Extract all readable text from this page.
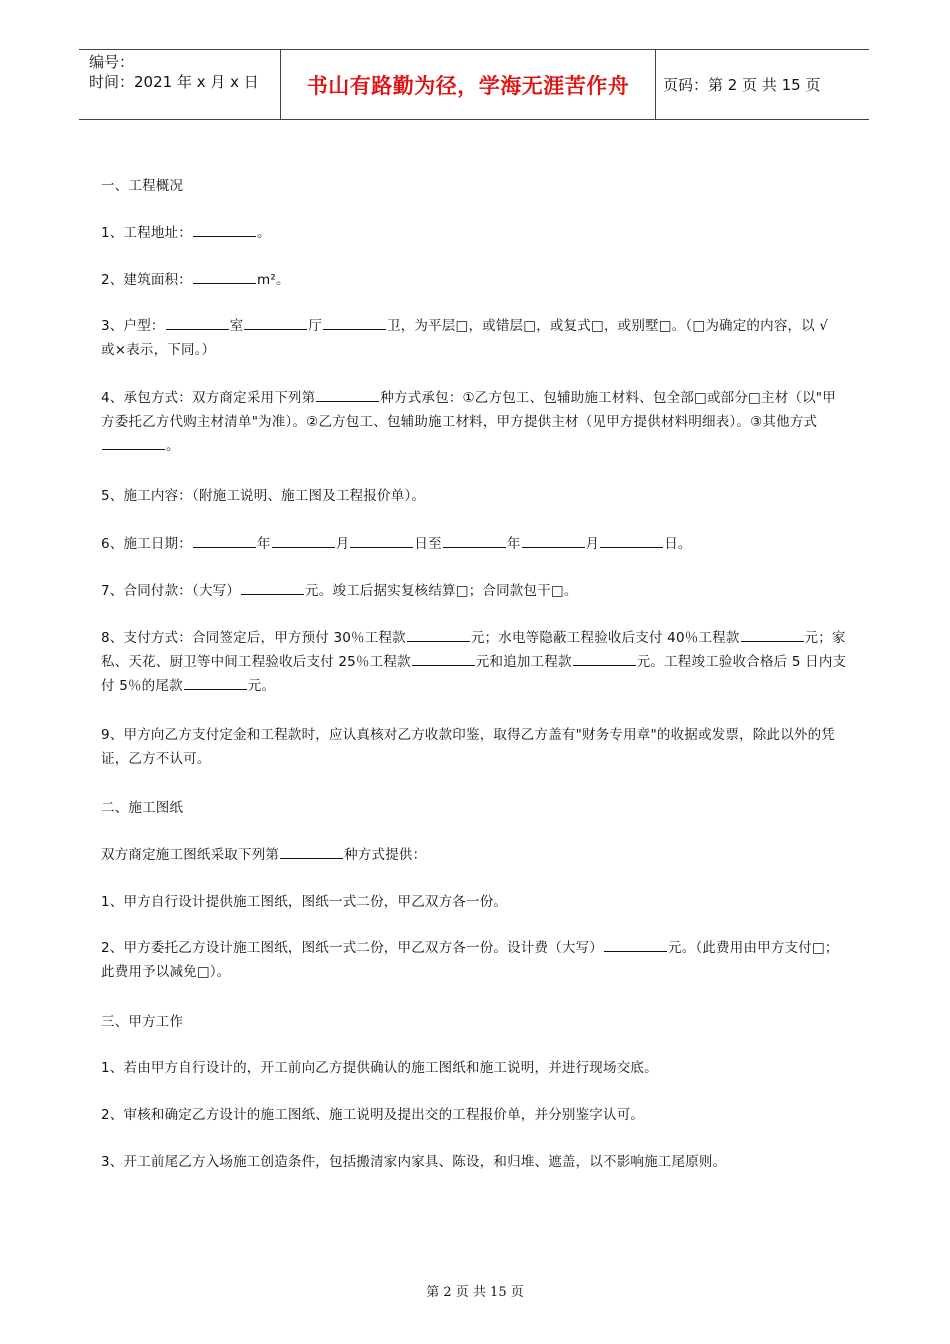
编号：
时间：2021 年 x 月 x 日	书山有路勤为径，学海无涯苦作舟	页码：第 2 页 共 15 页
一、工程概况
1、工程地址：	。
2、建筑面积：	m²。
3、户型：	室	厅	卫，为平层□，或错层□，或复式□，或别墅□。（□为确定的内容，以 √ 或×表示，下同。）
4、承包方式：双方商定采用下列第	种方式承包：①乙方包工、包辅助施工材料、包全部□或部分□主材（以"甲方委托乙方代购主材清单"为准）。②乙方包工、包辅助施工材料，甲方提供主材（见甲方提供材料明细表）。③其他方式。
5、施工内容：（附施工说明、施工图及工程报价单）。
6、施工日期：	年	月	日至	年	月	日。
7、合同付款：（大写）	元。竣工后据实复核结算□；合同款包干□。
8、支付方式：合同签定后，甲方预付 30％工程款	元；水电等隐蔽工程验收后支付 40％工程款	元；家私、天花、厨卫等中间工程验收后支付 25％工程款	元和追加工程款	元。工程竣工验收合格后 5 日内支付 5％的尾款	元。
9、甲方向乙方支付定金和工程款时，应认真核对乙方收款印鉴，取得乙方盖有"财务专用章"的收据或发票，除此以外的凭证，乙方不认可。
二、施工图纸
双方商定施工图纸采取下列第	种方式提供：
1、甲方自行设计提供施工图纸，图纸一式二份，甲乙双方各一份。
2、甲方委托乙方设计施工图纸，图纸一式二份，甲乙双方各一份。设计费（大写）	元。（此费用由甲方支付□；此费用予以减免□）。
三、甲方工作
1、若由甲方自行设计的，开工前向乙方提供确认的施工图纸和施工说明，并进行现场交底。
2、审核和确定乙方设计的施工图纸、施工说明及提出交的工程报价单，并分别鉴字认可。
3、开工前尾乙方入场施工创造条件，包括搬清家内家具、陈设，和归堆、遮盖，以不影响施工尾原则。
第 2 页 共 15 页
